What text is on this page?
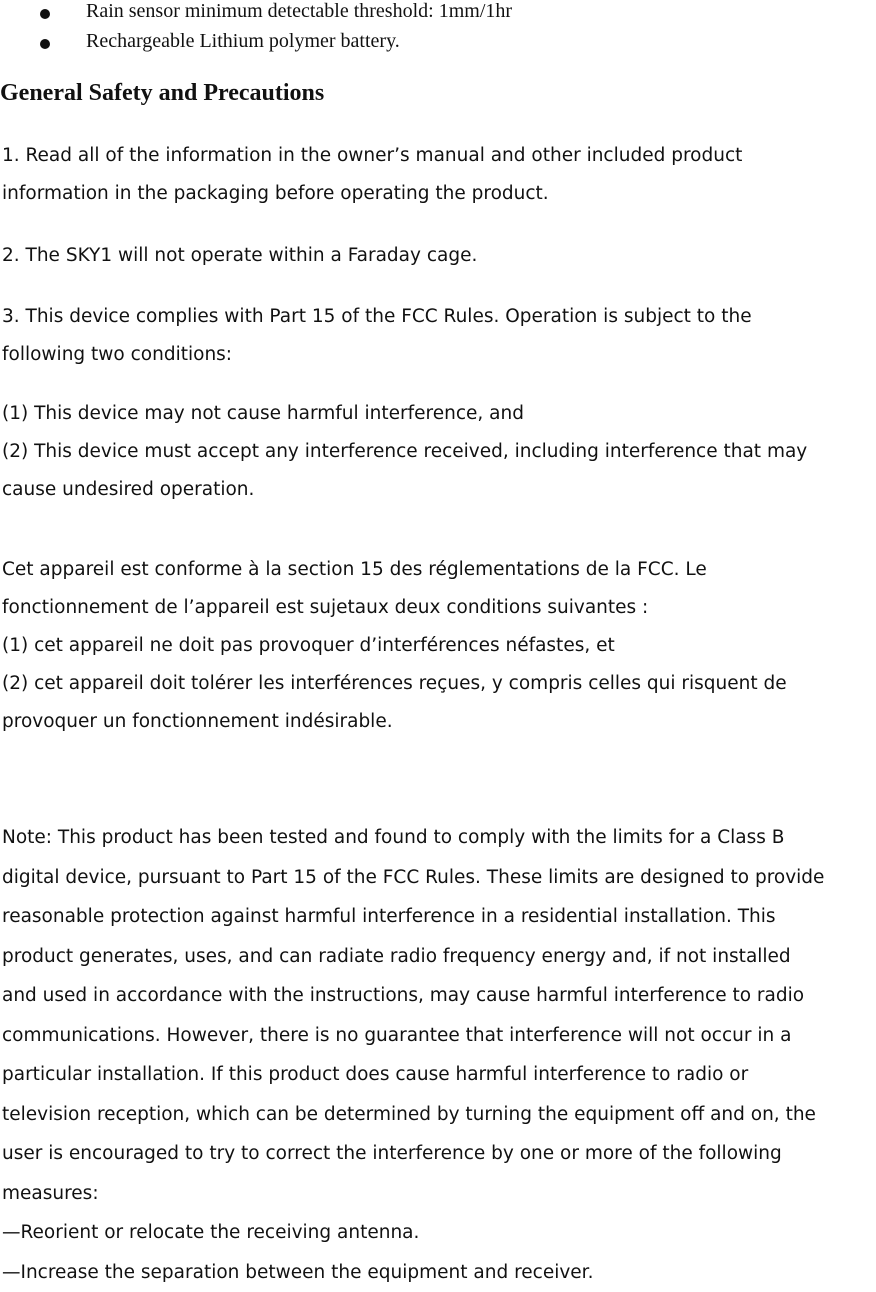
Rain sensor minimum detectable threshold: 1mm/1hr
Rechargeable Lithium polymer battery.
General Safety and Precautions
1. Read all of the information in the owner’s manual and other included product
information in the packaging before operating the product.
2. The SKY1 will not operate within a Faraday cage.
3. This device complies with Part 15 of the FCC Rules. Operation is subject to the
following two conditions:
(1) This device may not cause harmful interference, and
(2) This device must accept any interference received, including interference that may
cause undesired operation.
Cet appareil est conforme à la section 15 des réglementations de la FCC. Le
fonctionnement de l’appareil est sujetaux deux conditions suivantes :
(1) cet appareil ne doit pas provoquer d’interférences néfastes, et
(2) cet appareil doit tolérer les interférences reçues, y compris celles qui risquent de
provoquer un fonctionnement indésirable.
Note: This product has been tested and found to comply with the limits for a Class B
digital device, pursuant to Part 15 of the FCC Rules. These limits are designed to provide
reasonable protection against harmful interference in a residential installation. This
product generates, uses, and can radiate radio frequency energy and, if not installed
and used in accordance with the instructions, may cause harmful interference to radio
communications. However, there is no guarantee that interference will not occur in a
particular installation. If this product does cause harmful interference to radio or
television reception, which can be determined by turning the equipment off and on, the
user is encouraged to try to correct the interference by one or more of the following
measures:
—Reorient or relocate the receiving antenna.
—Increase the separation between the equipment and receiver.
